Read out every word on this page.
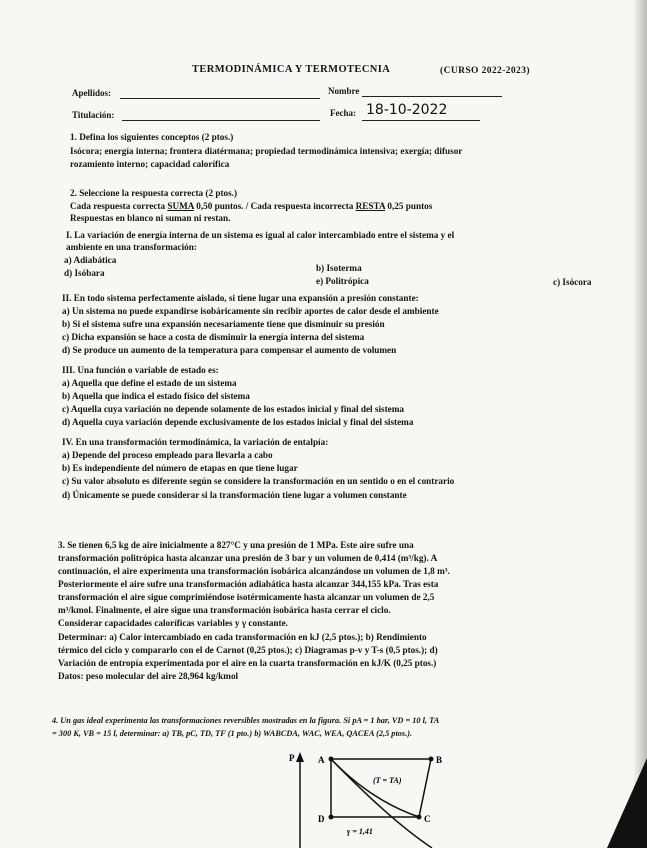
TERMODINÁMICA Y TERMOTECNIA	(CURSO 2022-2023)
Apellidos:	Nombre
Titulación:	Fecha: 18-10-2022
1. Defina los siguientes conceptos (2 ptos.)
Isócora; energía interna; frontera diatérmana; propiedad termodinámica intensiva; exergía; difusor
rozamiento interno; capacidad calorífica
2. Seleccione la respuesta correcta (2 ptos.)
Cada respuesta correcta SUMA 0,50 puntos. / Cada respuesta incorrecta RESTA 0,25 puntos
Respuestas en blanco ni suman ni restan.
I. La variación de energía interna de un sistema es igual al calor intercambiado entre el sistema y el
ambiente en una transformación:
a) Adiabática
b) Isoterma
c) Isócora
d) Isóbara
e) Politrópica
II. En todo sistema perfectamente aislado, si tiene lugar una expansión a presión constante:
a) Un sistema no puede expandirse isobáricamente sin recibir aportes de calor desde el ambiente
b) Si el sistema sufre una expansión necesariamente tiene que disminuir su presión
c) Dicha expansión se hace a costa de disminuir la energía interna del sistema
d) Se produce un aumento de la temperatura para compensar el aumento de volumen
III. Una función o variable de estado es:
a) Aquella que define el estado de un sistema
b) Aquella que indica el estado físico del sistema
c) Aquella cuya variación no depende solamente de los estados inicial y final del sistema
d) Aquella cuya variación depende exclusivamente de los estados inicial y final del sistema
IV. En una transformación termodinámica, la variación de entalpía:
a) Depende del proceso empleado para llevarla a cabo
b) Es independiente del número de etapas en que tiene lugar
c) Su valor absoluto es diferente según se considere la transformación en un sentido o en el contrario
d) Únicamente se puede considerar si la transformación tiene lugar a volumen constante
3. Se tienen 6,5 kg de aire inicialmente a 827°C y una presión de 1 MPa. Este aire sufre una
transformación politrópica hasta alcanzar una presión de 3 bar y un volumen de 0,414 (m³/kg). A
continuación, el aire experimenta una transformación isobárica alcanzándose un volumen de 1,8 m³.
Posteriormente el aire sufre una transformación adiabática hasta alcanzar 344,155 kPa. Tras esta
transformación el aire sigue comprimiéndose isotérmicamente hasta alcanzar un volumen de 2,5
m³/kmol. Finalmente, el aire sigue una transformación isobárica hasta cerrar el ciclo.
Considerar capacidades caloríficas variables y γ constante.
Determinar: a) Calor intercambiado en cada transformación en kJ (2,5 ptos.); b) Rendimiento
térmico del ciclo y compararlo con el de Carnot (0,25 ptos.); c) Diagramas p-v y T-s (0,5 ptos.); d)
Variación de entropía experimentada por el aire en la cuarta transformación en kJ/K (0,25 ptos.)
Datos: peso molecular del aire 28,964 kg/kmol
4. Un gas ideal experimenta las transformaciones reversibles mostradas en la figura. Si pA = 1 bar, VD = 10 l, TA
= 300 K, VB = 15 l, determinar: a) TB, pC, TD, TF (1 pto.) b) WABCDA, WAC, WEA, QACEA (2,5 ptos.).
P	A	B
C
D
(T = TA)
γ = 1,41
